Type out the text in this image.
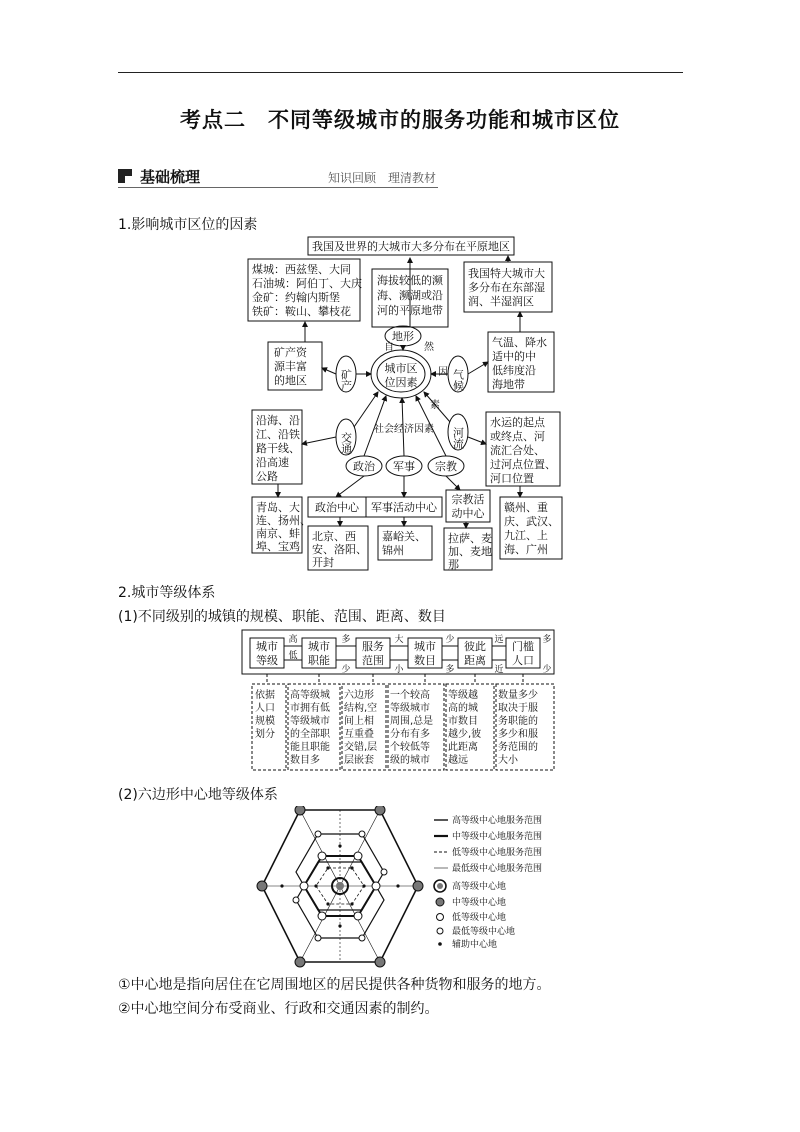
考点二　不同等级城市的服务功能和城市区位
基础梳理	知识回顾　理清教材
1.影响城市区位的因素
我国及世界的大城市大多分布在平原地区
煤城：西兹堡、大同
石油城：阿伯丁、大庆
金矿：约翰内斯堡
铁矿：鞍山、攀枝花
海拔较低的濒
海、濒湖或沿
河的平原地带
我国特大城市大
多分布在东部湿
润、半湿润区
矿产资
源丰富
的地区
气温、降水
适中的中
低纬度沿
海地带
沿海、沿
江、沿铁
路干线、
沿高速
公路
水运的起点
或终点、河
流汇合处、
过河点位置、
河口位置
城市区
位因素
地形
矿产	气候
交通	河流
政治 军事 宗教
自	然
因
素
社会经济因素
政治中心 军事活动中心
宗教活
动中心
青岛、大
连、扬州、
南京、蚌
埠、宝鸡
北京、西
安、洛阳、
开封
嘉峪关、
锦州
拉萨、麦
加、麦地
那
赣州、重
庆、武汉、
九江、上
海、广州
2.城市等级体系
(1)不同级别的城镇的规模、职能、范围、距离、数目
城市
等级
城市
职能
服务
范围
城市
数目
彼此
距离
门槛
人口
高	多	大	少	远	多
低
少	小	多	近	少
依据
人口
规模
划分
高等级城
市拥有低
等级城市
的全部职
能且职能
数目多
六边形
结构,空
间上相
互重叠
交错,层
层嵌套
一个较高
等级城市
周围,总是
分布有多
个较低等
级的城市
等级越
高的城
市数目
越少,彼
此距离
越远
数量多少
取决于服
务职能的
多少和服
务范围的
大小
(2)六边形中心地等级体系
高等级中心地服务范围
中等级中心地服务范围
低等级中心地服务范围
最低级中心地服务范围
高等级中心地
中等级中心地
低等级中心地
最低等级中心地
辅助中心地
①中心地是指向居住在它周围地区的居民提供各种货物和服务的地方。
②中心地空间分布受商业、行政和交通因素的制约。
